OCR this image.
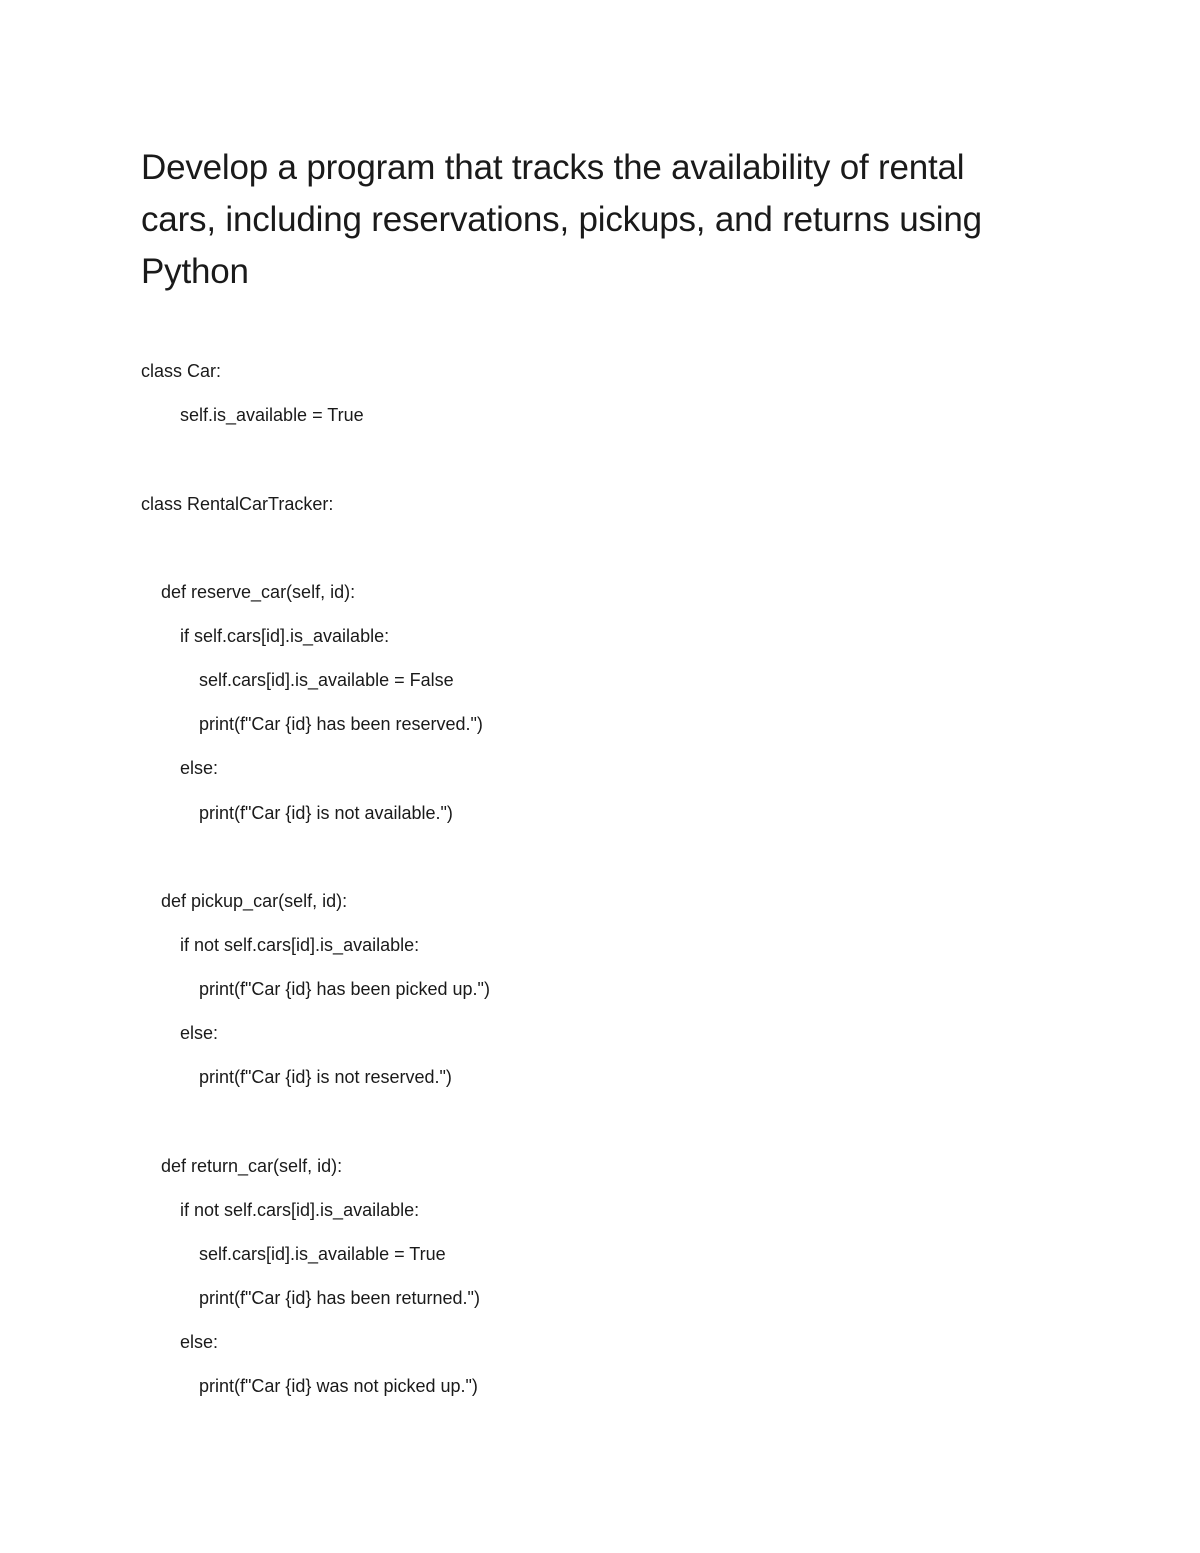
Develop a program that tracks the availability of rental cars, including reservations, pickups, and returns using Python

class Car:

self.is_available = True

class RentalCarTracker:

def reserve_car(self, id):

if self.cars[id].is_available:

self.cars[id].is_available = False

print(f"Car {id} has been reserved.")

else:

print(f"Car {id} is not available.")

def pickup_car(self, id):

if not self.cars[id].is_available:

print(f"Car {id} has been picked up.")

else:

print(f"Car {id} is not reserved.")

def return_car(self, id):

if not self.cars[id].is_available:

self.cars[id].is_available = True

print(f"Car {id} has been returned.")

else:

print(f"Car {id} was not picked up.")
